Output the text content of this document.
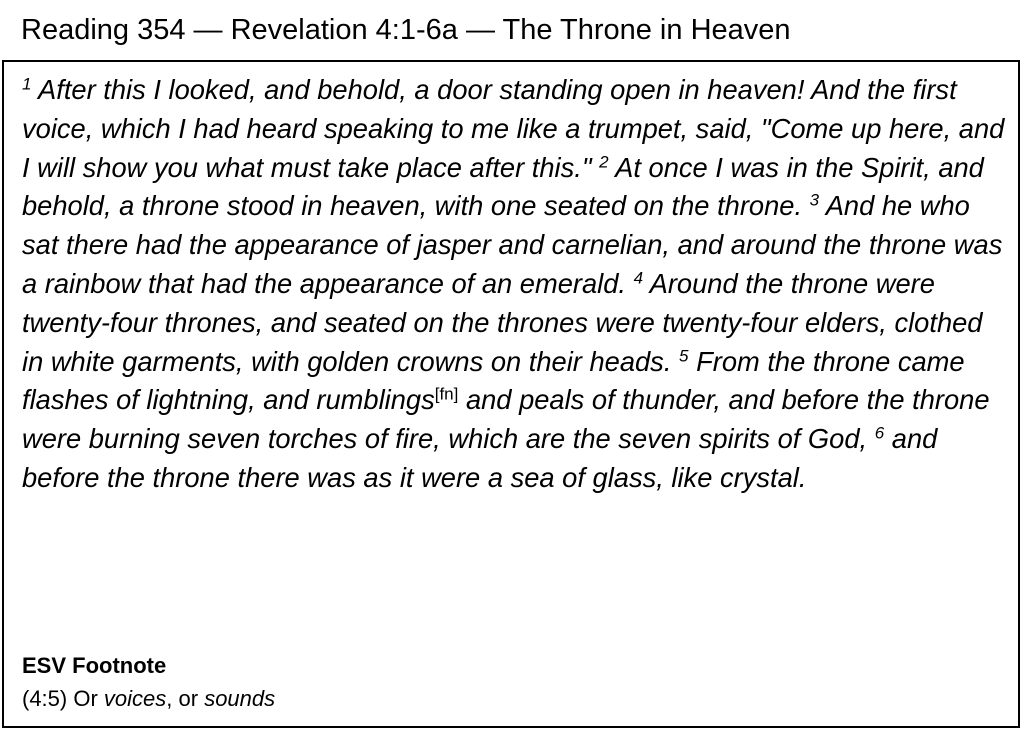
Reading 354 — Revelation 4:1-6a — The Throne in Heaven

$^1$ After this I looked, and behold, a door standing open in heaven! And the first voice, which I had heard speaking to me like a trumpet, said, "Come up here, and I will show you what must take place after this." $^2$ At once I was in the Spirit, and behold, a throne stood in heaven, with one seated on the throne. $^3$ And he who sat there had the appearance of jasper and carnelian, and around the throne was a rainbow that had the appearance of an emerald. $^4$ Around the throne were twenty-four thrones, and seated on the thrones were twenty-four elders, clothed in white garments, with golden crowns on their heads. $^5$ From the throne came flashes of lightning, and rumblings[fn] and peals of thunder, and before the throne were burning seven torches of fire, which are the seven spirits of God, $^6$ and before the throne there was as it were a sea of glass, like crystal.

ESV Footnote
(4:5) Or voices, or sounds
